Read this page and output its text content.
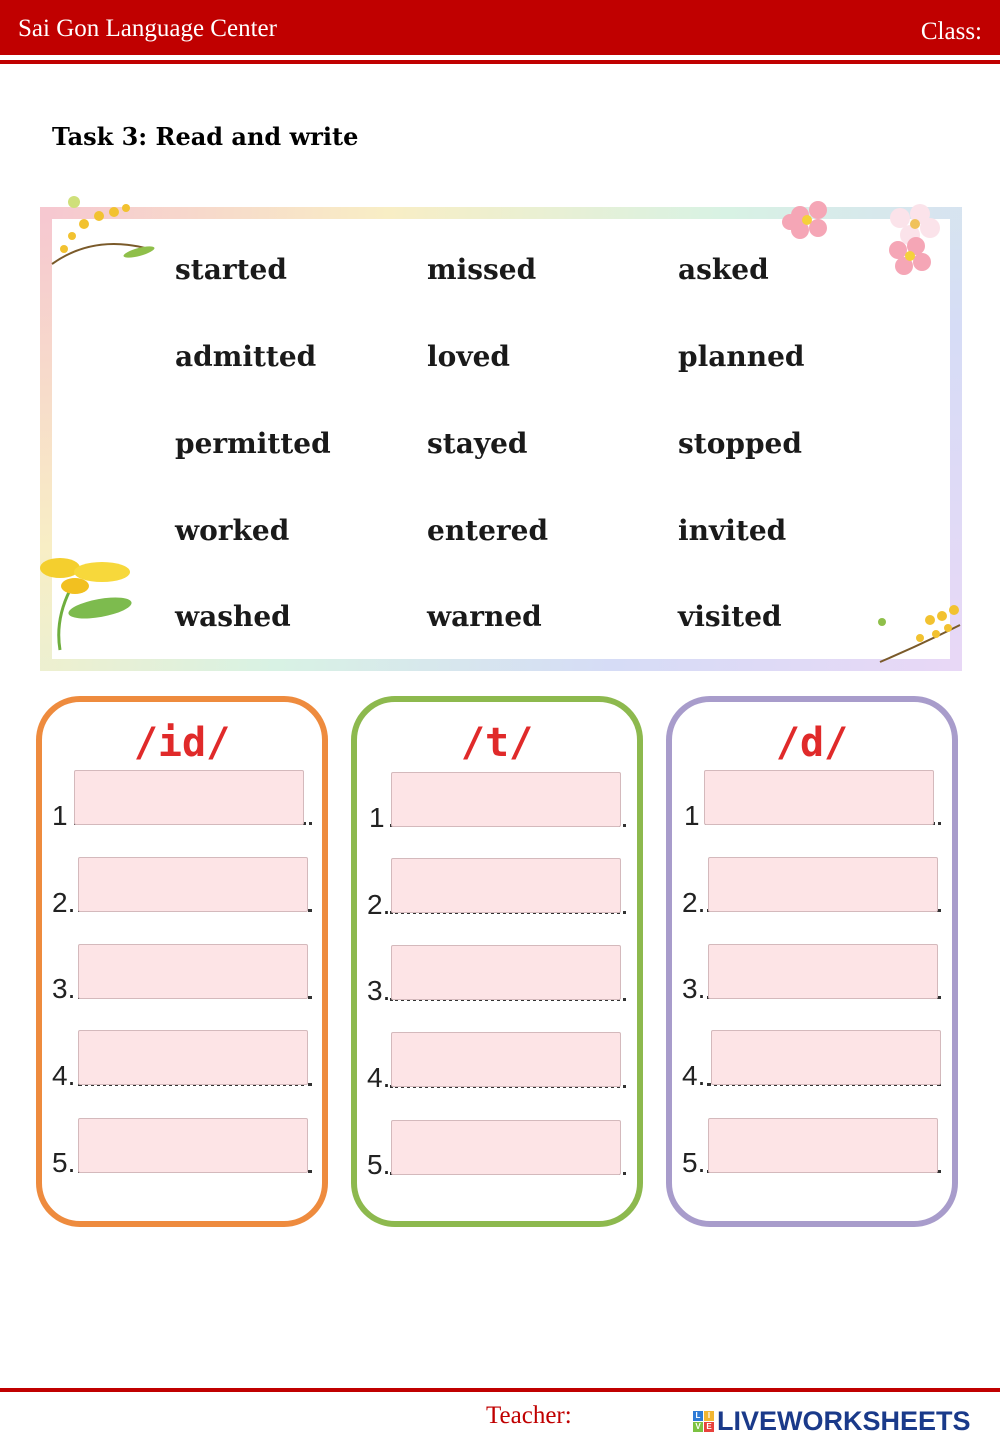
Sai Gon Language Center	Class:
Task 3: Read and write
started	missed	asked
admitted	loved	planned
permitted	stayed	stopped
worked	entered	invited
washed	warned	visited
/id/
1
2.
3.
4.
5.
/t/
1
2.
3.
4.
5.
/d/
1
2.
3.
4.
5.
Teacher:	L I
V E LIVEWORKSHEETS
